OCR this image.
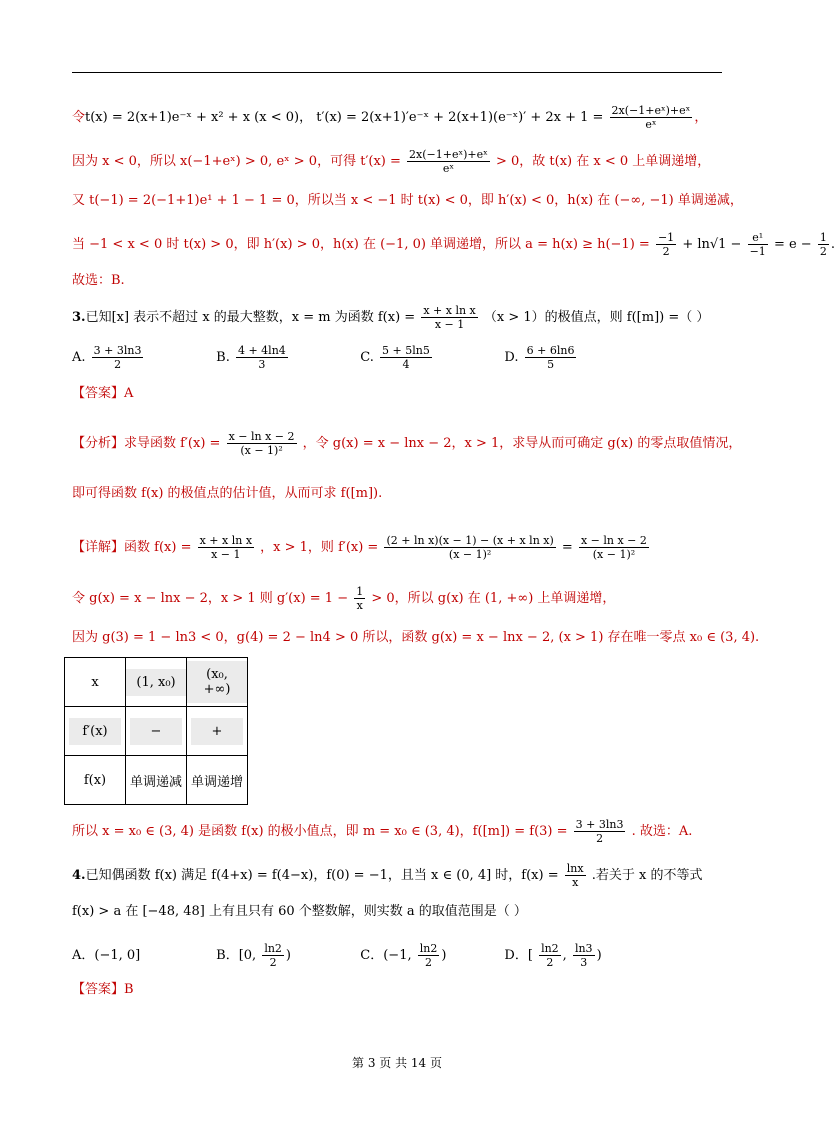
令t(x) = 2(x+1)e⁻ˣ + x² + x (x < 0)， t′(x) = 2(x+1)′e⁻ˣ + 2(x+1)(e⁻ˣ)′ + $2x + 1 = \frac{\text{2x(−1+eˣ)+eˣ}}{\text{eˣ}}$ ，
因为 x < 0，所以 x(−1+eˣ) > 0, eˣ > 0，可得 $t'(x) = \frac{\text{2x(−1+eˣ)+eˣ}}{\text{eˣ}} > 0$，故 t(x) 在 x < 0 上单调递增，
又 t(−1) = 2(−1+1)e¹ + 1 − 1 = 0，所以当 x < −1 时 t(x) < 0，即 h′(x) < 0，h(x) 在 (−∞, −1) 单调递减，
当 −1 < x < 0 时 t(x) > 0，即 h′(x) > 0，h(x) 在 (−1, 0) 单调递增，所以 $a = h(x) \ge h(-1) = \frac{-1}{2} + \ln√1 - \frac{\text{e¹}}{-1} = e - \frac{1}{2}$ .
故选：B.
3.已知[x] 表示不超过 x 的最大整数，x = m 为函数 $f(x) = \frac{\text{x + x ln x}}{x - 1} (x > 1)$的极值点，则 f([m]) =（ ）
A. $\frac{3 + 3\ln 3}{2}$	B. $\frac{4 + 4\ln 4}{3}$	C. $\frac{5 + 5\ln 5}{4}$	D. $\frac{6 + 6\ln 6}{5}$
【答案】A
【分析】求导函数 $f'(x) = \frac{\text{x − ln x − 2}}{\text{(x − 1)²}}$ ，令 g(x) = x − lnx − 2，x > 1，求导从而可确定 g(x) 的零点取值情况，
即可得函数 f(x) 的极值点的估计值，从而可求 f([m]).
【详解】函数 $f(x) = \frac{\text{x + x ln x}}{x - 1}$ ，x > 1，则 $f'(x) = \frac{\text{(2 + ln x)(x − 1) − (x + x ln x)}}{\text{(x − 1)²}} = \frac{\text{x − ln x − 2}}{\text{(x − 1)²}}$
令 g(x) = x − lnx − 2，x > 1 则 $g'(x) = 1 - \frac{1}{x} > 0$，所以 g(x) 在 (1, +∞) 上单调递增，
因为 g(3) = 1 − ln3 < 0，g(4) = 2 − ln4 > 0 所以，函数 g(x) = x − lnx − 2, (x > 1) 存在唯一零点 x₀ ∈ (3, 4).
x	(1, x₀)	(x₀, +∞)
f′(x)	−	+
f(x)	单调递减	单调递增
所以 x = x₀ ∈ (3, 4) 是函数 f(x) 的极小值点，即 m = x₀ ∈ (3, 4)，$f([m]) = f(3) = \frac{3 + 3\ln 3}{2}$ . 故选：A.
4.已知偶函数 f(x) 满足 f(4+x) = f(4−x)，f(0) = −1，且当 x ∈ (0, 4] 时，$f(x) = \frac{\ln x}{x}$ .若关于 x 的不等式
f(x) > a 在 [−48, 48] 上有且只有 60 个整数解，则实数 a 的取值范围是（ ）
A．(−1, 0]	B．[0, $\frac{\ln 2}{2}$ )	C．(−1, $\frac{\ln 2}{2}$ )	D．[ $\frac{\ln 2}{2}$ , $\frac{\ln 3}{3}$ )
【答案】B
第 3 页 共 14 页
